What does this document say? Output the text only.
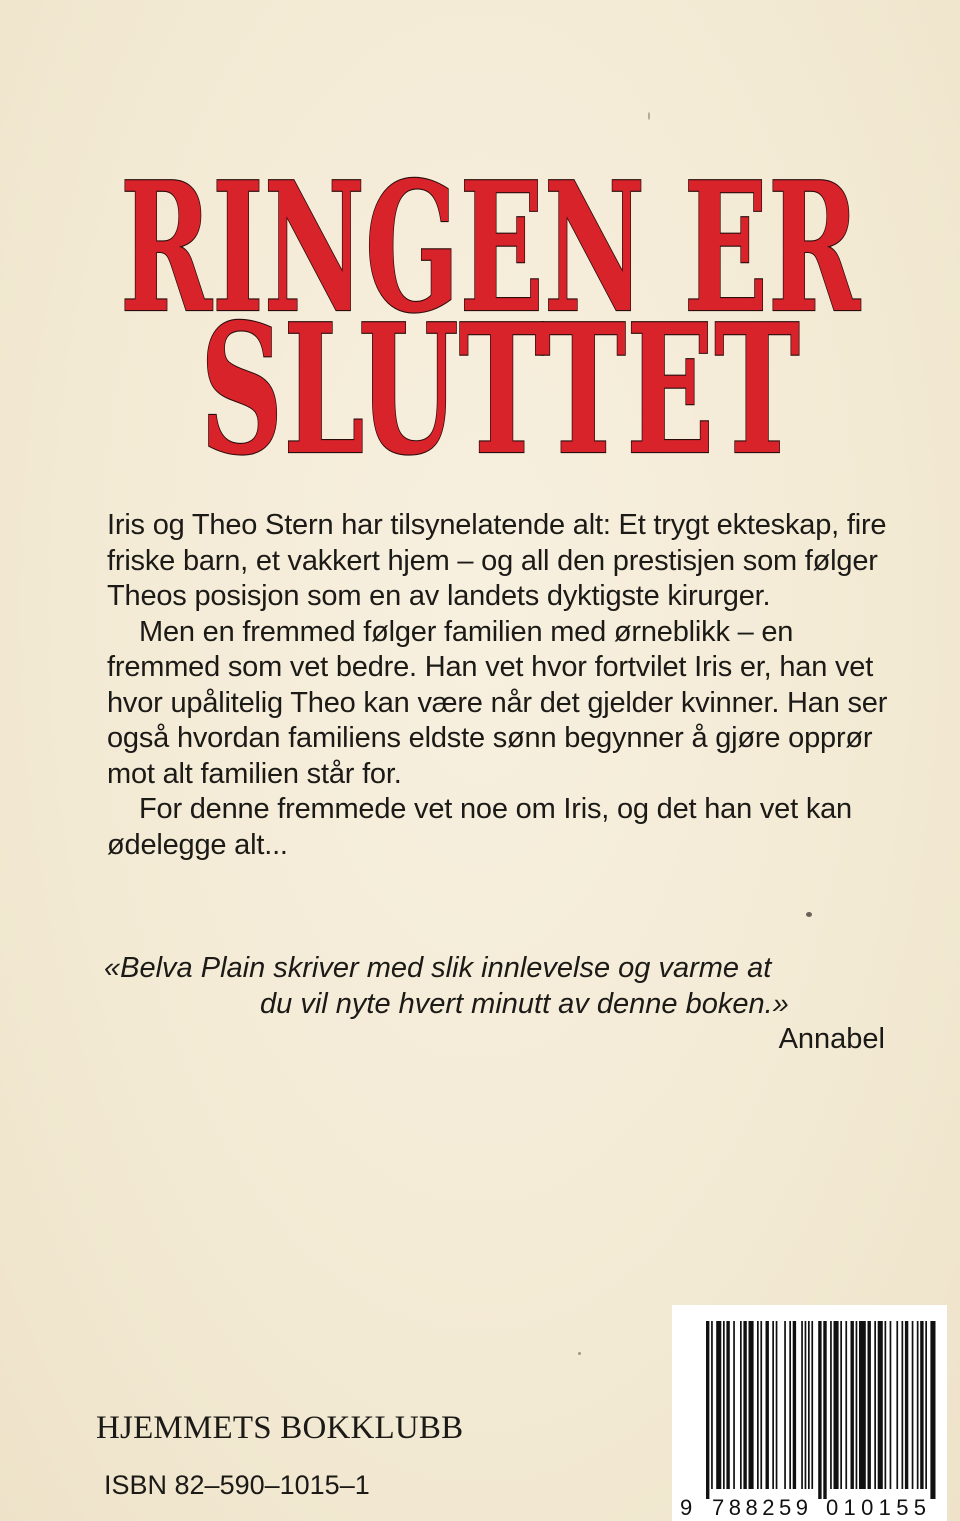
RINGEN ER
SLUTTET

Iris og Theo Stern har tilsynelatende alt: Et trygt ekteskap, fire friske barn, et vakkert hjem – og all den prestisjen som følger Theos posisjon som en av landets dyktigste kirurger.

Men en fremmed følger familien med ørneblikk – en fremmed som vet bedre. Han vet hvor fortvilet Iris er, han vet hvor upålitelig Theo kan være når det gjelder kvinner. Han ser også hvordan familiens eldste sønn begynner å gjøre opprør mot alt familien står for.

For denne fremmede vet noe om Iris, og det han vet kan ødelegge alt...

«Belva Plain skriver med slik innlevelse og varme at
du vil nyte hvert minutt av denne boken.»
Annabel
HJEMMETS BOKKLUBB
ISBN 82–590–1015–1
9 788259 010155
